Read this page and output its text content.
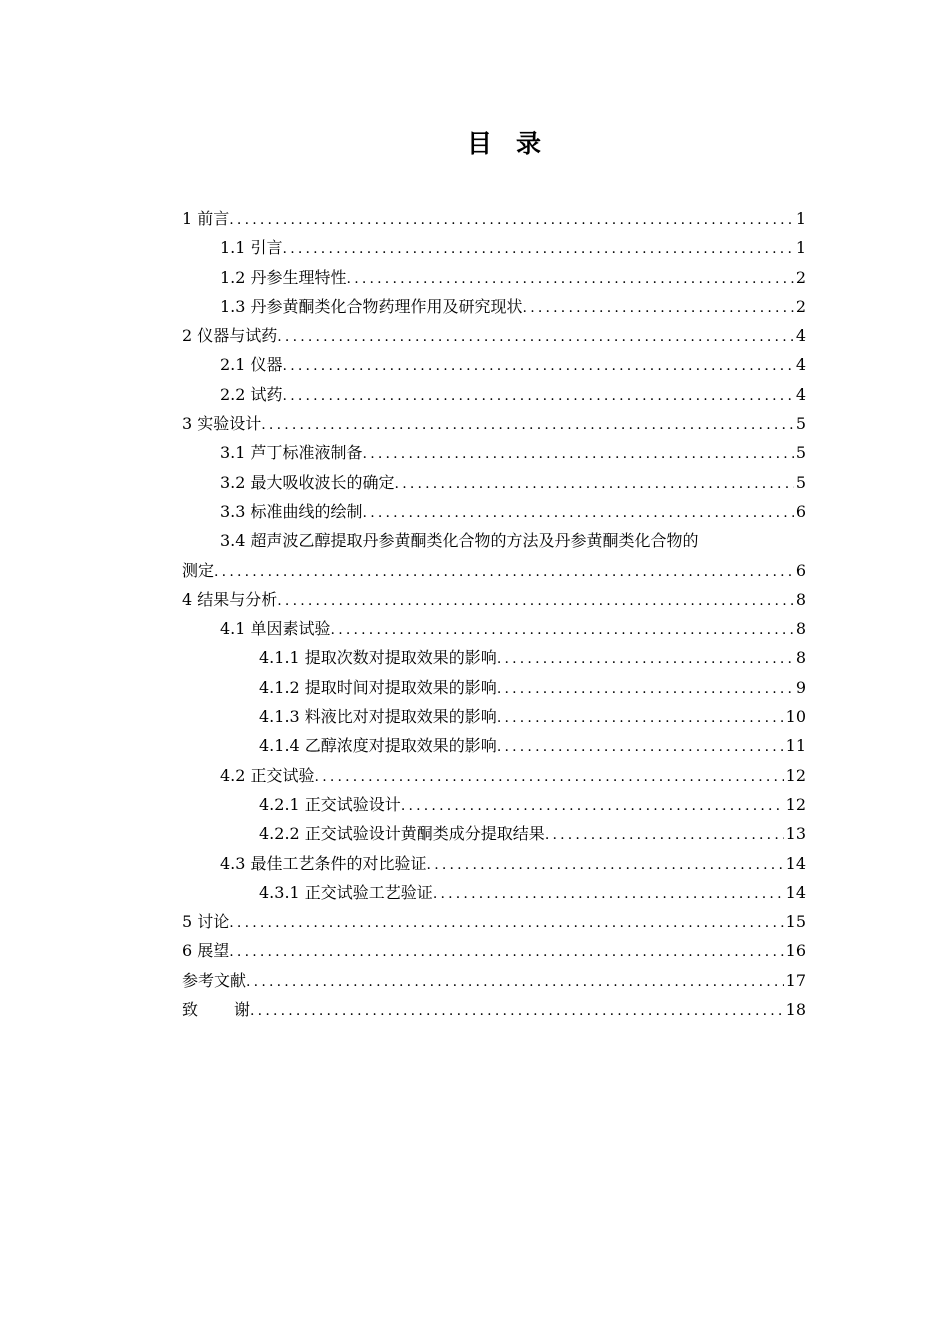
目 录
1 前言 .....	1
1.1 引言 .....	1
1.2 丹参生理特性 .....	2
1.3 丹参黄酮类化合物药理作用及研究现状 .....	2
2 仪器与试药 .....	4
2.1 仪器 .....	4
2.2 试药 .....	4
3 实验设计 .....	5
3.1 芦丁标准液制备 .....	5
3.2 最大吸收波长的确定 .....	5
3.3 标准曲线的绘制 .....	6
3.4 超声波乙醇提取丹参黄酮类化合物的方法及丹参黄酮类化合物的
测定 .....	6
4 结果与分析 .....	8
4.1 单因素试验 .....	8
4.1.1 提取次数对提取效果的影响 .....	8
4.1.2 提取时间对提取效果的影响 .....	9
4.1.3 料液比对对提取效果的影响 .....	10
4.1.4 乙醇浓度对提取效果的影响 .....	11
4.2 正交试验 .....	12
4.2.1 正交试验设计 .....	12
4.2.2 正交试验设计黄酮类成分提取结果 .....	13
4.3 最佳工艺条件的对比验证 .....	14
4.3.1 正交试验工艺验证 .....	14
5 讨论 .....	15
6 展望 .....	16
参考文献 .....	17
致 谢 .....	18
